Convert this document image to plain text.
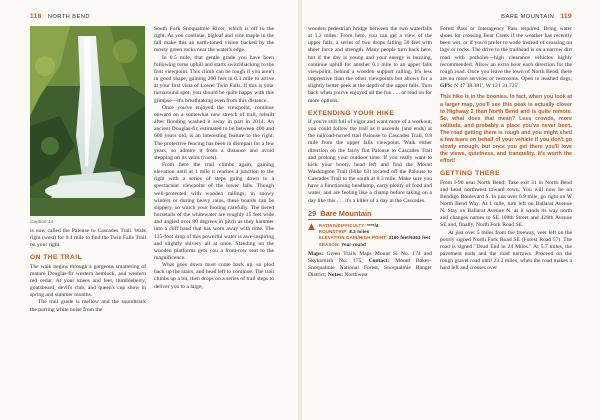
118 NORTH BEND
Caption 14

is now called the Palouse to Cascades Trail. Walk right (west) for 0.4 mile to find the Twin Falls Trail on your right.

ON THE TRAIL

The walk begins through a gorgeous smattering of mature Douglas-fir western hemlock, and western red cedar. At your knees and feet, thimbleberry, goatsbeard, devil's club, and queen's cup show in spring and summer months.

The trail grade is mellow and the soundtrack the purring white noise from the

South Fork Snoqualmie River, which is off to the right. As you continue, bigleaf and vine maple in the fall make this an earth-toned vision backed by the mossy green rocks near the water's edge.

In 0.5 mile, that gentle grade you have been following turns uphill and starts switchbacking to the first viewpoint. This climb can be tough if you aren't in good shape, gaining 200 feet in 0.3 mile to arrive at your first vista of Lower Twin Falls. If this is your turnaround spot, you should be quite happy with this glimpse—it's breathtaking even from this distance.

Once you've enjoyed the viewpoint, continue onward on a somewhat new stretch of trail, rebuilt after flooding washed it away in part in 2014. An ancient Douglas-fir, estimated to be between 400 and 600 years old, is an interesting feature to the right. The protective fencing has been in disrepair for a few years, so admire it from a distance and avoid stepping on its veins (roots).

From here the trail climbs again, gaining elevation until at 1 mile it reaches a junction to the right with a series of steps going down to a spectacular viewpoint of the lower falls. Though well-protected with wooden railings, in snowy winters or during heavy rains, these boards can be slippery, so watch your footing carefully. The tiered horsetails of the whitewater are roughly 15 feet wide and angled over 80 degrees in pitch as they hammer into a cliff band that has worn away with time. The 135-foot drop of this powerful water is awe-inspiring and slightly shivery all at once. Standing on the wooden platforms gets you a front-row seat to the magnificence.

What goes down must come back up, so plod back up the stairs, and head left to continue. The trail climbs up a bit, then drops on a series of trail steps to deliver you to a large,

BARE MOUNTAIN 119

wooden pedestrian bridge between the two waterfalls at 1.2 miles. From here, you can get a view of the upper falls, a series of two drops falling 50 feet with sheer force and strength. Many people turn back here, but if the day is young and your energy is buzzing, continue uphill for another 0.1 mile to an upper falls viewpoint, behind a wooden support railing. It's less impressive than the other viewpoints but allows for a slightly better peek at the depth of the upper falls. Turn back when you've enjoyed all the fun . . . or read on for more options.

EXTENDING YOUR HIKE

If you're still full of vigor and want more of a workout, you could follow the trail as it ascends (and ends) at the railroad-turned trail Palouse to Cascades Trail, 0.8 mile from the upper falls viewpoint. Walk either direction on the fairly flat Palouse to Cascades Trail and prolong your outdoor time. If you really want to kick your booty, head left and find the Mount Washington Trail (Hike 63) located off the Palouse to Cascades Trail to the south at 0.3 mile. Make sure you have a functioning headlamp, carry plenty of food and water, and are feeling like a champ before taking on a day like this . . . it's a killer of a day in the Cascades.

29 Bare Mountain
▲ RATING/DIFFICULTY: ****/4
ROUNDTRIP: 8.3 miles
ELEVATION GAIN/HIGH POINT: 3180 feet/5353 feet
SEASON: Year-round

Maps: Green Trails Maps Mount Si No. 174 and Skykomish No. 175; Contact: Mount Baker–Snoqualmie National Forest, Snoqualmie Ranger District; Notes: Northwest

Forest Pass or Interagency Pass required. Bring water shoes for crossing Bear Creek if the weather has recently been wet, or if you'd prefer to wade instead of crossing on logs or rocks. The drive to the trailhead is on a narrow dirt road with potholes—high clearance vehicles highly recommended. Allow an extra hour each direction for the rough road. Once you leave the town of North Bend, there are no more services or restrooms. Open to leashed dogs; GPS: N 47 38.381', W 121 31.725'.

This hike is in the boonies. In fact, when you look at a larger map, you'll see this peak is actually closer to Highway 2 than North Bend and is quite remote. So, what does that mean? Less crowds, more solitude, and probably a place you've never been. The road getting there is rough and you might shed a few tears on behalf of your vehicle if you don't go slowly enough, but once you get there you'll love the views, quietness, and tranquility. It's worth the effort!

GETTING THERE

From I-90 near North Bend: Take exit 31 in North Bend and head northwest toward town. You will now be on Bendigo Boulevard S. In just over 0.9 mile, go right on W North Bend Way. At 1 mile, turn left on Ballarat Avenue N. Stay on Ballarat Avenue N. as it winds its way north and changes names to SE 108th Street and 428th Avenue SE and, finally, North Fork Road SE.

At just over 5 miles from the freeway, veer left on the poorly signed North Fork Road SE (Forest Road 57). The road is signed "Dead End in 24 Miles." At 5.7 miles, the pavement ends and the road narrows. Proceed on the rough gravel road until 23.2 miles, when the road makes a hard left and crosses over
